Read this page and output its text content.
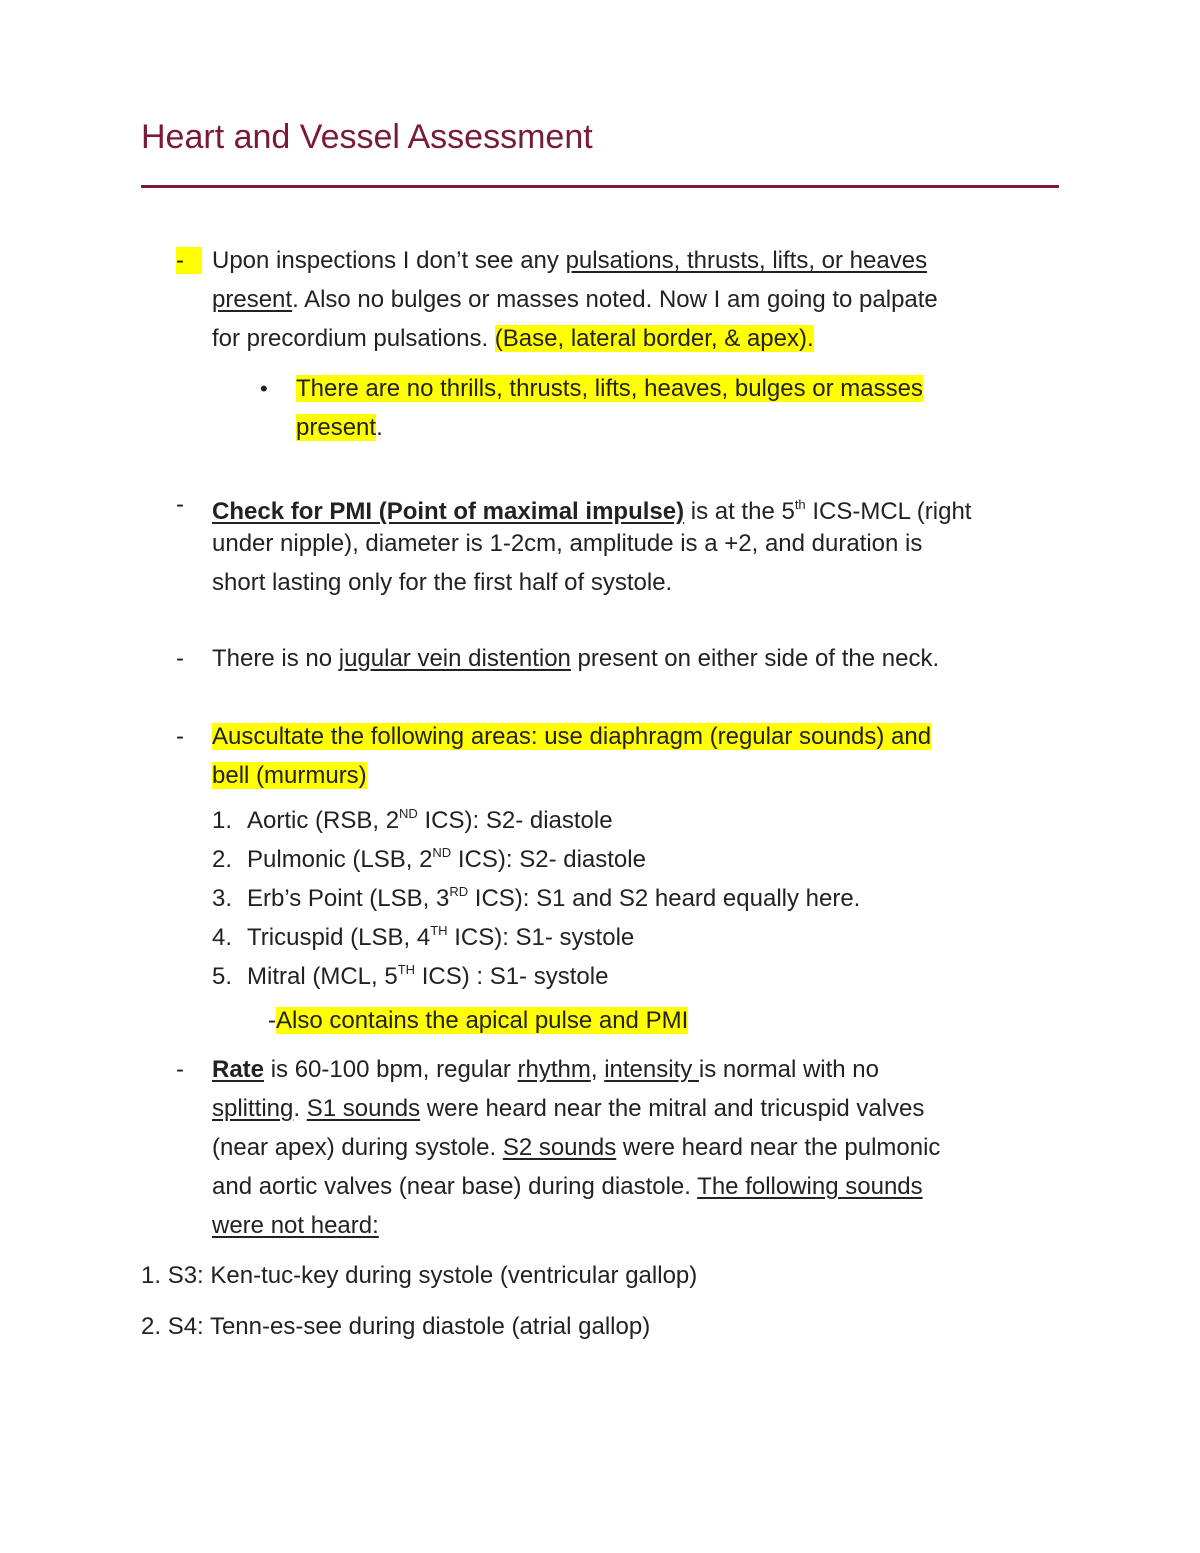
Heart and Vessel Assessment
-	Upon inspections I don’t see any pulsations, thrusts, lifts, or heaves
present. Also no bulges or masses noted. Now I am going to palpate
for precordium pulsations. (Base, lateral border, & apex).
• There are no thrills, thrusts, lifts, heaves, bulges or masses
present.
- Check for PMI (Point of maximal impulse) is at the 5th ICS-MCL (right
under nipple), diameter is 1-2cm, amplitude is a +2, and duration is
short lasting only for the first half of systole.
- There is no jugular vein distention present on either side of the neck.
- Auscultate the following areas: use diaphragm (regular sounds) and
bell (murmurs)
1. Aortic (RSB, 2ND ICS): S2- diastole
2. Pulmonic (LSB, 2ND ICS): S2- diastole
3. Erb’s Point (LSB, 3RD ICS): S1 and S2 heard equally here.
4. Tricuspid (LSB, 4TH ICS): S1- systole
5. Mitral (MCL, 5TH ICS) : S1- systole
-Also contains the apical pulse and PMI
- Rate is 60-100 bpm, regular rhythm, intensity is normal with no
splitting. S1 sounds were heard near the mitral and tricuspid valves
(near apex) during systole. S2 sounds were heard near the pulmonic
and aortic valves (near base) during diastole. The following sounds
were not heard:
1. S3: Ken-tuc-key during systole (ventricular gallop)
2. S4: Tenn-es-see during diastole (atrial gallop)
